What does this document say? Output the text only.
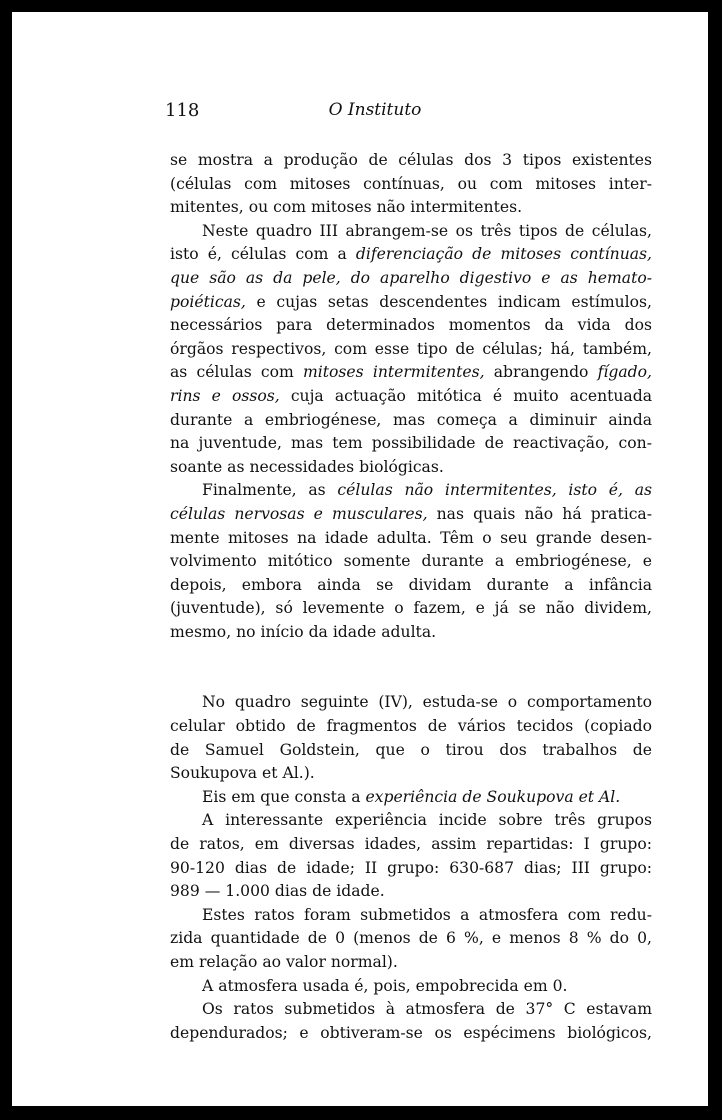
118	O Instituto
se mostra a produção de células dos 3 tipos existentes
(células com mitoses contínuas, ou com mitoses inter-
mitentes, ou com mitoses não intermitentes.
Neste quadro III abrangem-se os três tipos de células,
isto é, células com a diferenciação de mitoses contínuas,
que são as da pele, do aparelho digestivo e as hemato-
poiéticas, e cujas setas descendentes indicam estímulos,
necessários para determinados momentos da vida dos
órgãos respectivos, com esse tipo de células; há, também,
as células com mitoses intermitentes, abrangendo fígado,
rins e ossos, cuja actuação mitótica é muito acentuada
durante a embriogénese, mas começa a diminuir ainda
na juventude, mas tem possibilidade de reactivação, con-
soante as necessidades biológicas.
Finalmente, as células não intermitentes, isto é, as
células nervosas e musculares, nas quais não há pratica-
mente mitoses na idade adulta. Têm o seu grande desen-
volvimento mitótico somente durante a embriogénese, e
depois, embora ainda se dividam durante a infância
(juventude), só levemente o fazem, e já se não dividem,
mesmo, no início da idade adulta.
No quadro seguinte (IV), estuda-se o comportamento
celular obtido de fragmentos de vários tecidos (copiado
de Samuel Goldstein, que o tirou dos trabalhos de
Soukupova et Al.).
Eis em que consta a experiência de Soukupova et Al.
A interessante experiência incide sobre três grupos
de ratos, em diversas idades, assim repartidas: I grupo:
90-120 dias de idade; II grupo: 630-687 dias; III grupo:
989 — 1.000 dias de idade.
Estes ratos foram submetidos a atmosfera com redu-
zida quantidade de 0 (menos de 6 %, e menos 8 % do 0,
em relação ao valor normal).
A atmosfera usada é, pois, empobrecida em 0.
Os ratos submetidos à atmosfera de 37° C estavam
dependurados; e obtiveram-se os espécimens biológicos,
